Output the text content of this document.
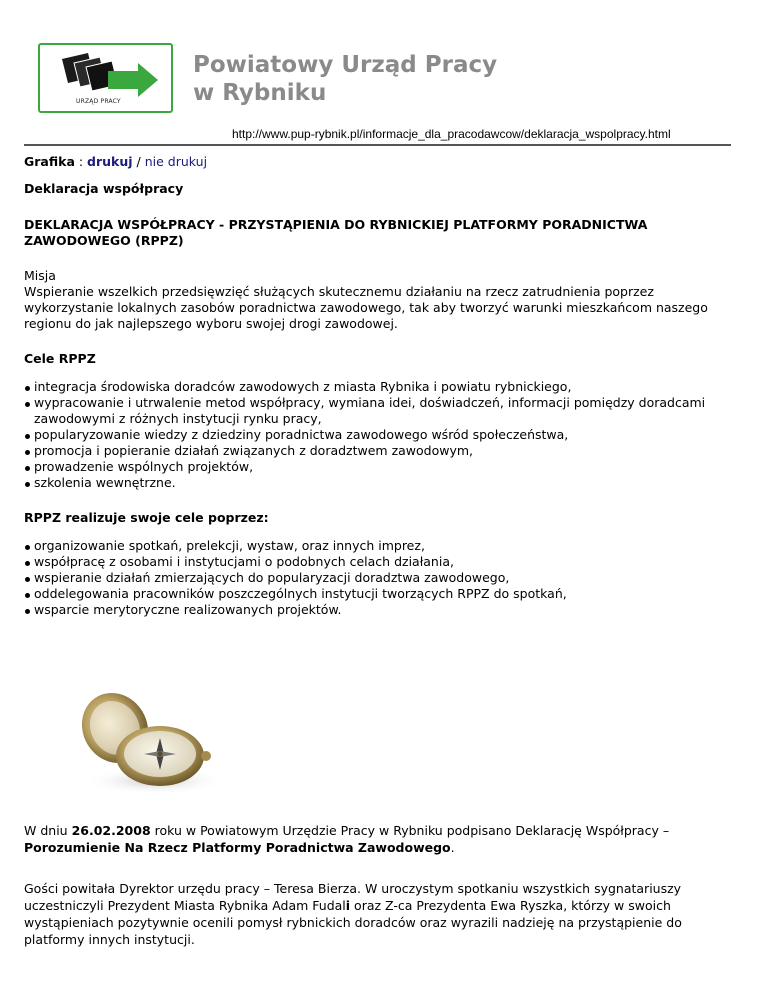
URZĄD PRACY
Powiatowy Urząd Pracy
w Rybniku
http://www.pup-rybnik.pl/informacje_dla_pracodawcow/deklaracja_wspolpracy.html

Grafika : drukuj / nie drukuj

Deklaracja współpracy
DEKLARACJA WSPÓŁPRACY - PRZYSTĄPIENIA DO RYBNICKIEJ PLATFORMY PORADNICTWA ZAWODOWEGO (RPPZ)

Misja

Wspieranie wszelkich przedsięwzięć służących skutecznemu działaniu na rzecz zatrudnienia poprzez wykorzystanie lokalnych zasobów poradnictwa zawodowego, tak aby tworzyć warunki mieszkańcom naszego regionu do jak najlepszego wyboru swojej drogi zawodowej.

Cele RPPZ

integracja środowiska doradców zawodowych z miasta Rybnika i powiatu rybnickiego,
wypracowanie i utrwalenie metod współpracy, wymiana idei, doświadczeń, informacji pomiędzy doradcami zawodowymi z różnych instytucji rynku pracy,
popularyzowanie wiedzy z dziedziny poradnictwa zawodowego wśród społeczeństwa,
promocja i popieranie działań związanych z doradztwem zawodowym,
prowadzenie wspólnych projektów,
szkolenia wewnętrzne.

RPPZ realizuje swoje cele poprzez:

organizowanie spotkań, prelekcji, wystaw, oraz innych imprez,
współpracę z osobami i instytucjami o podobnych celach działania,
wspieranie działań zmierzających do popularyzacji doradztwa zawodowego,
oddelegowania pracowników poszczególnych instytucji tworzących RPPZ do spotkań,
wsparcie merytoryczne realizowanych projektów.
W dniu 26.02.2008 roku w Powiatowym Urzędzie Pracy w Rybniku podpisano Deklarację Współpracy – Porozumienie Na Rzecz Platformy Poradnictwa Zawodowego.
Gości powitała Dyrektor urzędu pracy – Teresa Bierza. W uroczystym spotkaniu wszystkich sygnatariuszy uczestniczyli Prezydent Miasta Rybnika Adam Fudali oraz Z-ca Prezydenta Ewa Ryszka, którzy w swoich wystąpieniach pozytywnie ocenili pomysł rybnickich doradców oraz wyrazili nadzieję na przystąpienie do platformy innych instytucji.
